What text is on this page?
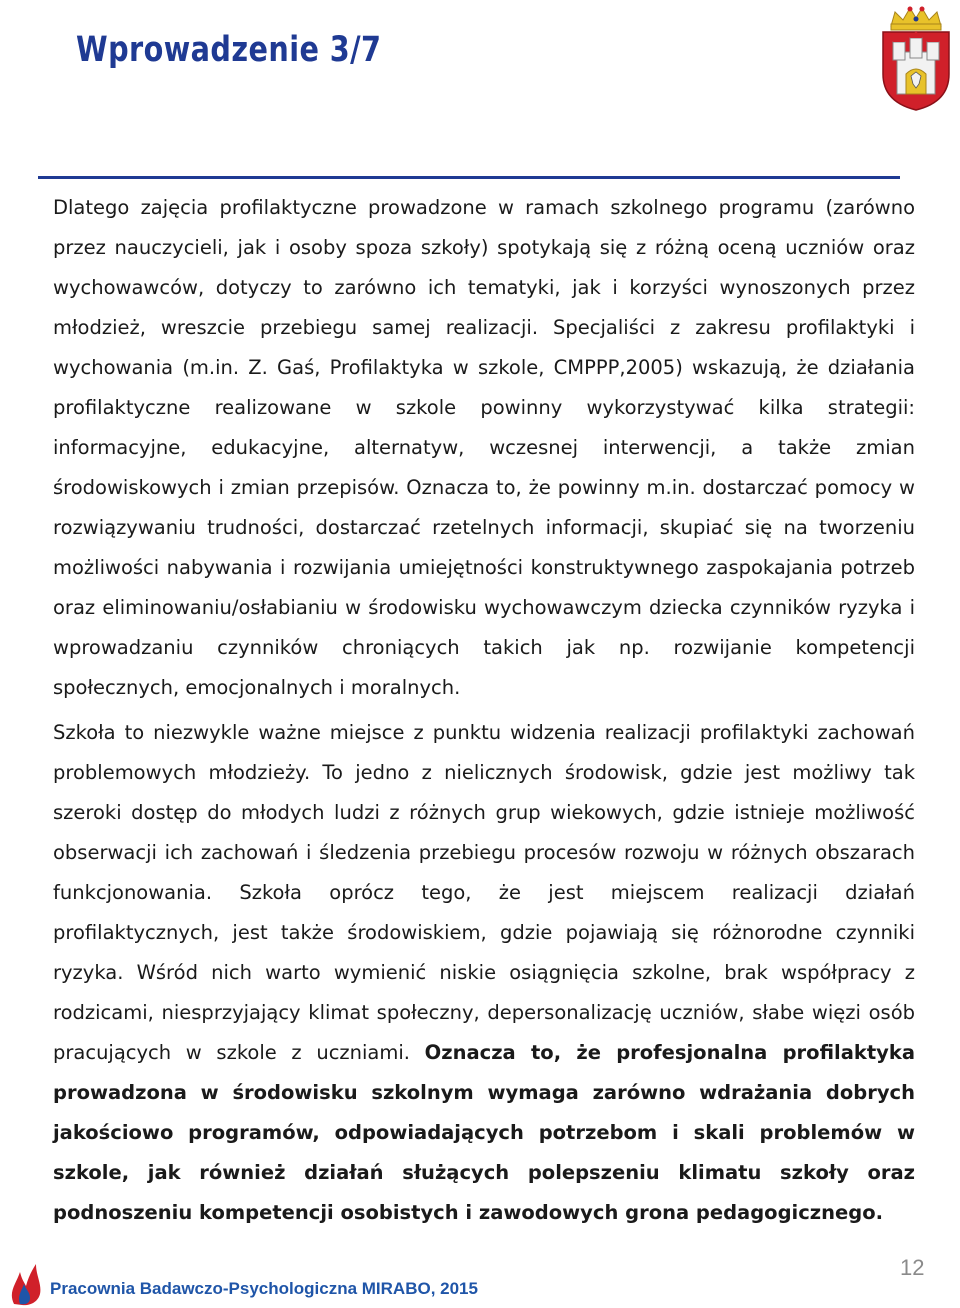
Wprowadzenie 3/7

Dlatego zajęcia profilaktyczne prowadzone w ramach szkolnego programu (zarówno przez nauczycieli, jak i osoby spoza szkoły) spotykają się z różną oceną uczniów oraz wychowawców, dotyczy to zarówno ich tematyki, jak i korzyści wynoszonych przez młodzież, wreszcie przebiegu samej realizacji. Specjaliści z zakresu profilaktyki i wychowania (m.in. Z. Gaś, Profilaktyka w szkole, CMPPP,2005) wskazują, że działania profilaktyczne realizowane w szkole powinny wykorzystywać kilka strategii: informacyjne, edukacyjne, alternatyw, wczesnej interwencji, a także zmian środowiskowych i zmian przepisów. Oznacza to, że powinny m.in. dostarczać pomocy w rozwiązywaniu trudności, dostarczać rzetelnych informacji, skupiać się na tworzeniu możliwości nabywania i rozwijania umiejętności konstruktywnego zaspokajania potrzeb oraz eliminowaniu/osłabianiu w środowisku wychowawczym dziecka czynników ryzyka i wprowadzaniu czynników chroniących takich jak np. rozwijanie kompetencji społecznych, emocjonalnych i moralnych.

Szkoła to niezwykle ważne miejsce z punktu widzenia realizacji profilaktyki zachowań problemowych młodzieży. To jedno z nielicznych środowisk, gdzie jest możliwy tak szeroki dostęp do młodych ludzi z różnych grup wiekowych, gdzie istnieje możliwość obserwacji ich zachowań i śledzenia przebiegu procesów rozwoju w różnych obszarach funkcjonowania. Szkoła oprócz tego, że jest miejscem realizacji działań profilaktycznych, jest także środowiskiem, gdzie pojawiają się różnorodne czynniki ryzyka. Wśród nich warto wymienić niskie osiągnięcia szkolne, brak współpracy z rodzicami, niesprzyjający klimat społeczny, depersonalizację uczniów, słabe więzi osób pracujących w szkole z uczniami. Oznacza to, że profesjonalna profilaktyka prowadzona w środowisku szkolnym wymaga zarówno wdrażania dobrych jakościowo programów, odpowiadających potrzebom i skali problemów w szkole, jak również działań służących polepszeniu klimatu szkoły oraz podnoszeniu kompetencji osobistych i zawodowych grona pedagogicznego.

Pracownia Badawczo-Psychologiczna MIRABO, 2015
12
